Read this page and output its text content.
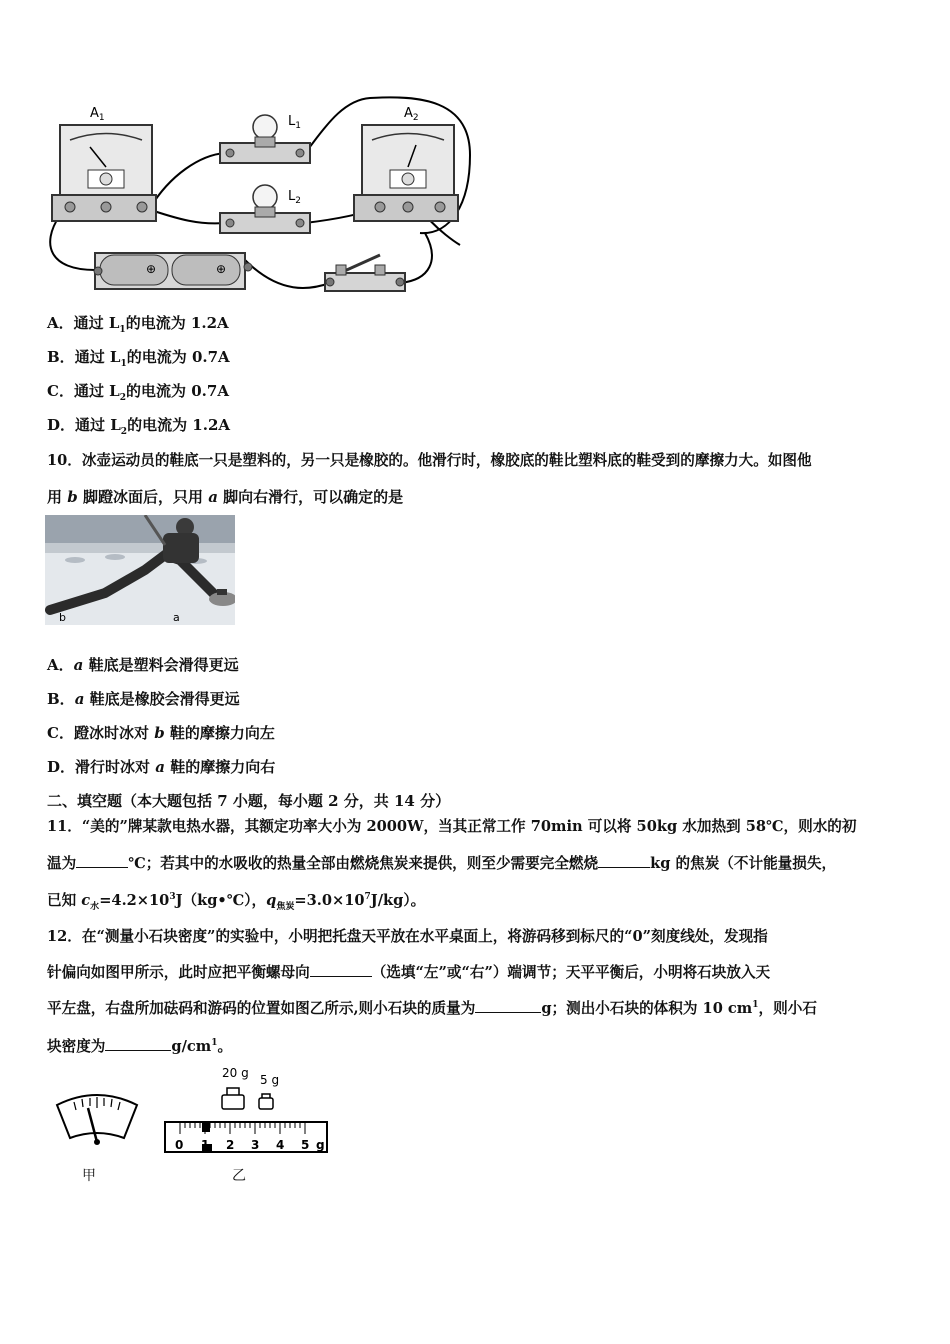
$A_1$	$L_1$
$L_2$
$A_2$
⊕	⊕
A．通过 $L_1$的电流为 1.2A
B．通过 $L_1$的电流为 0.7A
C．通过 $L_2$的电流为 0.7A
D．通过 $L_2$的电流为 1.2A
10．冰壶运动员的鞋底一只是塑料的，另一只是橡胶的。他滑行时，橡胶底的鞋比塑料底的鞋受到的摩擦力大。如图他
用 b 脚蹬冰面后，只用 a 脚向右滑行，可以确定的是
b	a
A．a 鞋底是塑料会滑得更远
B．a 鞋底是橡胶会滑得更远
C．蹬冰时冰对 b 鞋的摩擦力向左
D．滑行时冰对 a 鞋的摩擦力向右
二、填空题（本大题包括 7 小题，每小题 2 分，共 14 分）
11．“美的”牌某款电热水器，其额定功率大小为 2000W，当其正常工作 70min 可以将 50kg 水加热到 58℃，则水的初
温为	℃；若其中的水吸收的热量全部由燃烧焦炭来提供，则至少需要完全燃烧	kg 的焦炭（不计能量损失，
已知 $c_水=4.2\times 10^3J(kg•℃)$，$q_{焦炭}=3.0\times 10^7J/kg$）。
12．在“测量小石块密度”的实验中，小明把托盘天平放在水平桌面上，将游码移到标尺的“0”刻度线处，发现指
针偏向如图甲所示，此时应把平衡螺母向	（选填“左”或“右”）端调节；天平平衡后，小明将石块放入天
平左盘，右盘所加砝码和游码的位置如图乙所示,则小石块的质量为	g；测出小石块的体积为 10 $cm^1$，则小石
块密度为	$g/cm^1$。
20 g 5 g
0 1 2 3 4 5 g
甲	乙
